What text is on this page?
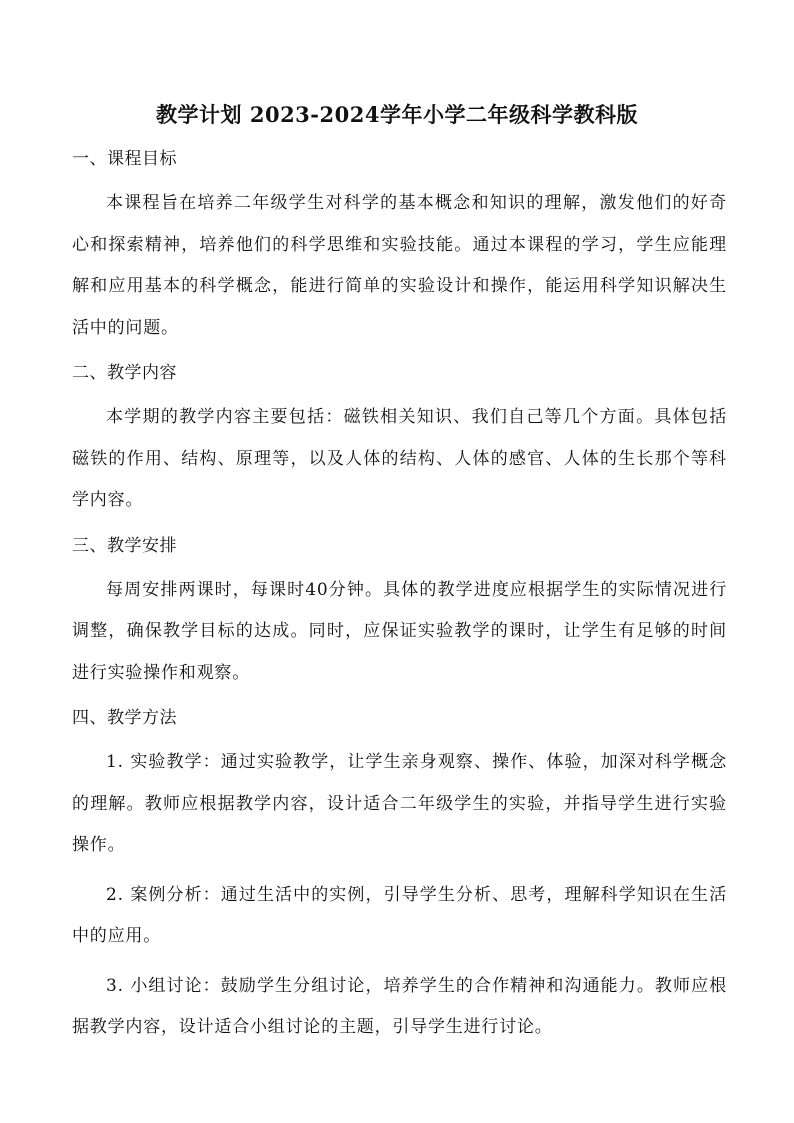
教学计划 2023-2024学年小学二年级科学教科版
一、课程目标

本课程旨在培养二年级学生对科学的基本概念和知识的理解，激发他们的好奇心和探索精神，培养他们的科学思维和实验技能。通过本课程的学习，学生应能理解和应用基本的科学概念，能进行简单的实验设计和操作，能运用科学知识解决生活中的问题。

二、教学内容

本学期的教学内容主要包括：磁铁相关知识、我们自己等几个方面。具体包括磁铁的作用、结构、原理等，以及人体的结构、人体的感官、人体的生长那个等科学内容。

三、教学安排

每周安排两课时，每课时40分钟。具体的教学进度应根据学生的实际情况进行调整，确保教学目标的达成。同时，应保证实验教学的课时，让学生有足够的时间进行实验操作和观察。

四、教学方法

1. 实验教学：通过实验教学，让学生亲身观察、操作、体验，加深对科学概念的理解。教师应根据教学内容，设计适合二年级学生的实验，并指导学生进行实验操作。

2. 案例分析：通过生活中的实例，引导学生分析、思考，理解科学知识在生活中的应用。

3. 小组讨论：鼓励学生分组讨论，培养学生的合作精神和沟通能力。教师应根据教学内容，设计适合小组讨论的主题，引导学生进行讨论。
